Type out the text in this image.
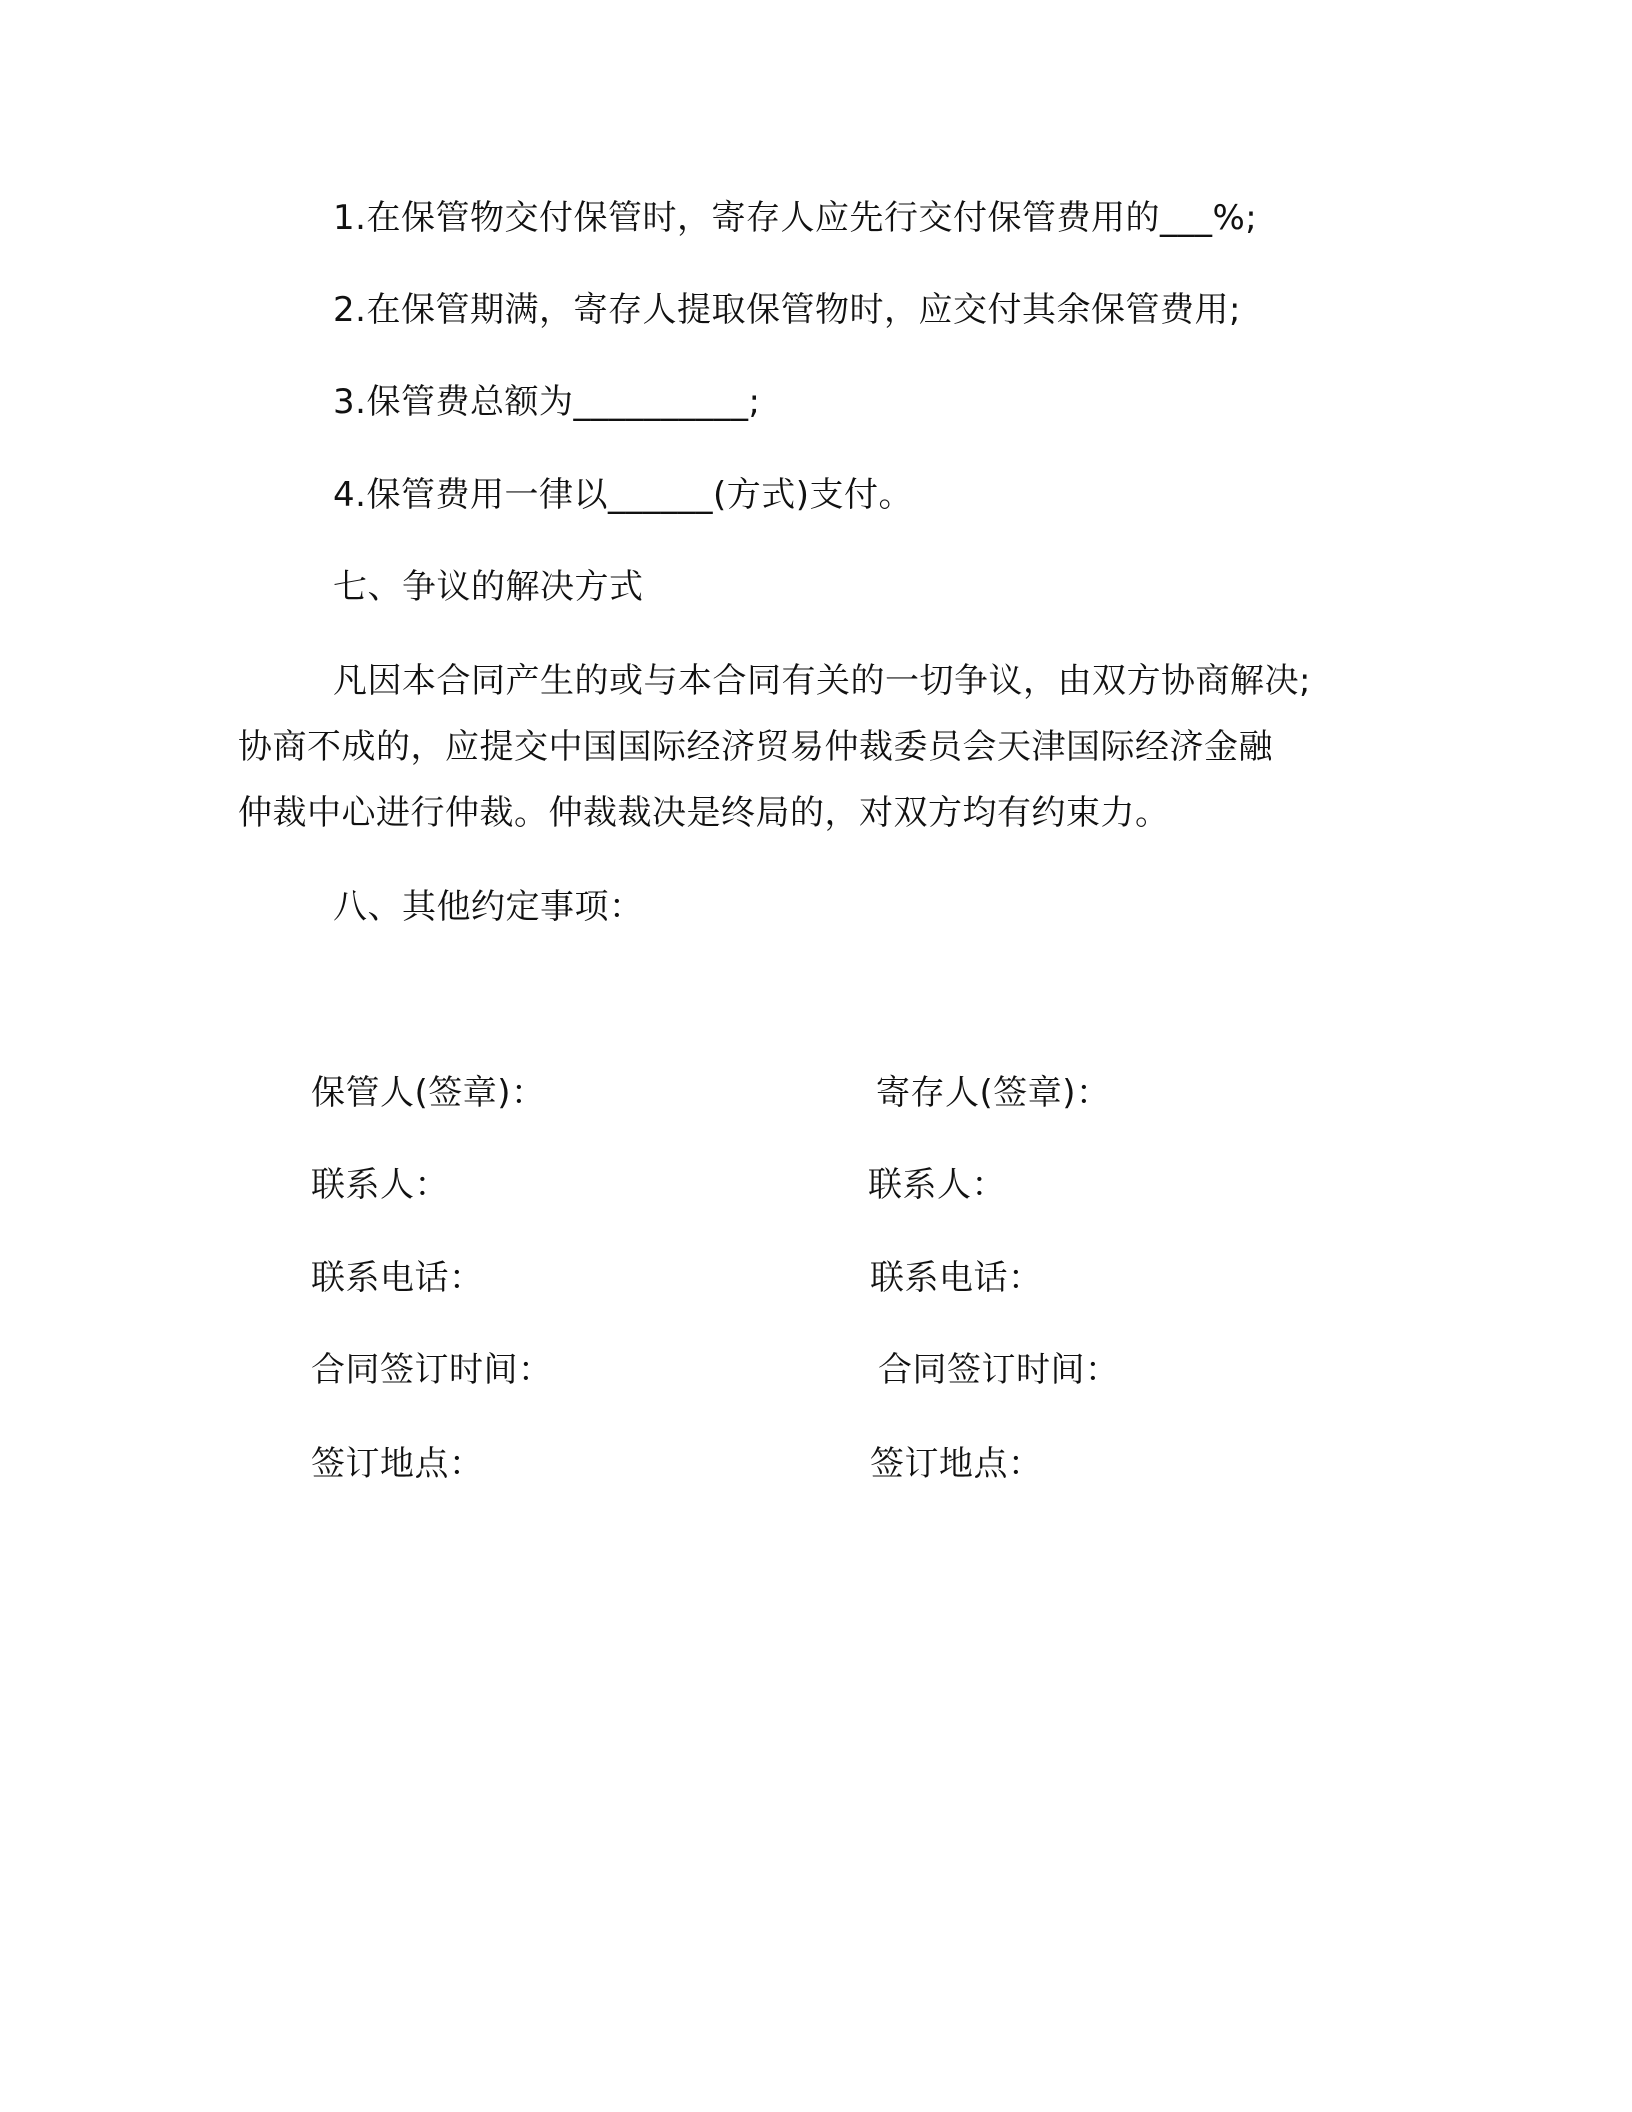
1.在保管物交付保管时，寄存人应先行交付保管费用的___%;
2.在保管期满，寄存人提取保管物时，应交付其余保管费用;
3.保管费总额为__________;
4.保管费用一律以______(方式)支付。
七、争议的解决方式
凡因本合同产生的或与本合同有关的一切争议，由双方协商解决;
协商不成的，应提交中国国际经济贸易仲裁委员会天津国际经济金融
仲裁中心进行仲裁。仲裁裁决是终局的，对双方均有约束力。
八、其他约定事项：
保管人(签章)：	寄存人(签章)：
联系人：	联系人：
联系电话：	联系电话：
合同签订时间：	合同签订时间：
签订地点：	签订地点：
